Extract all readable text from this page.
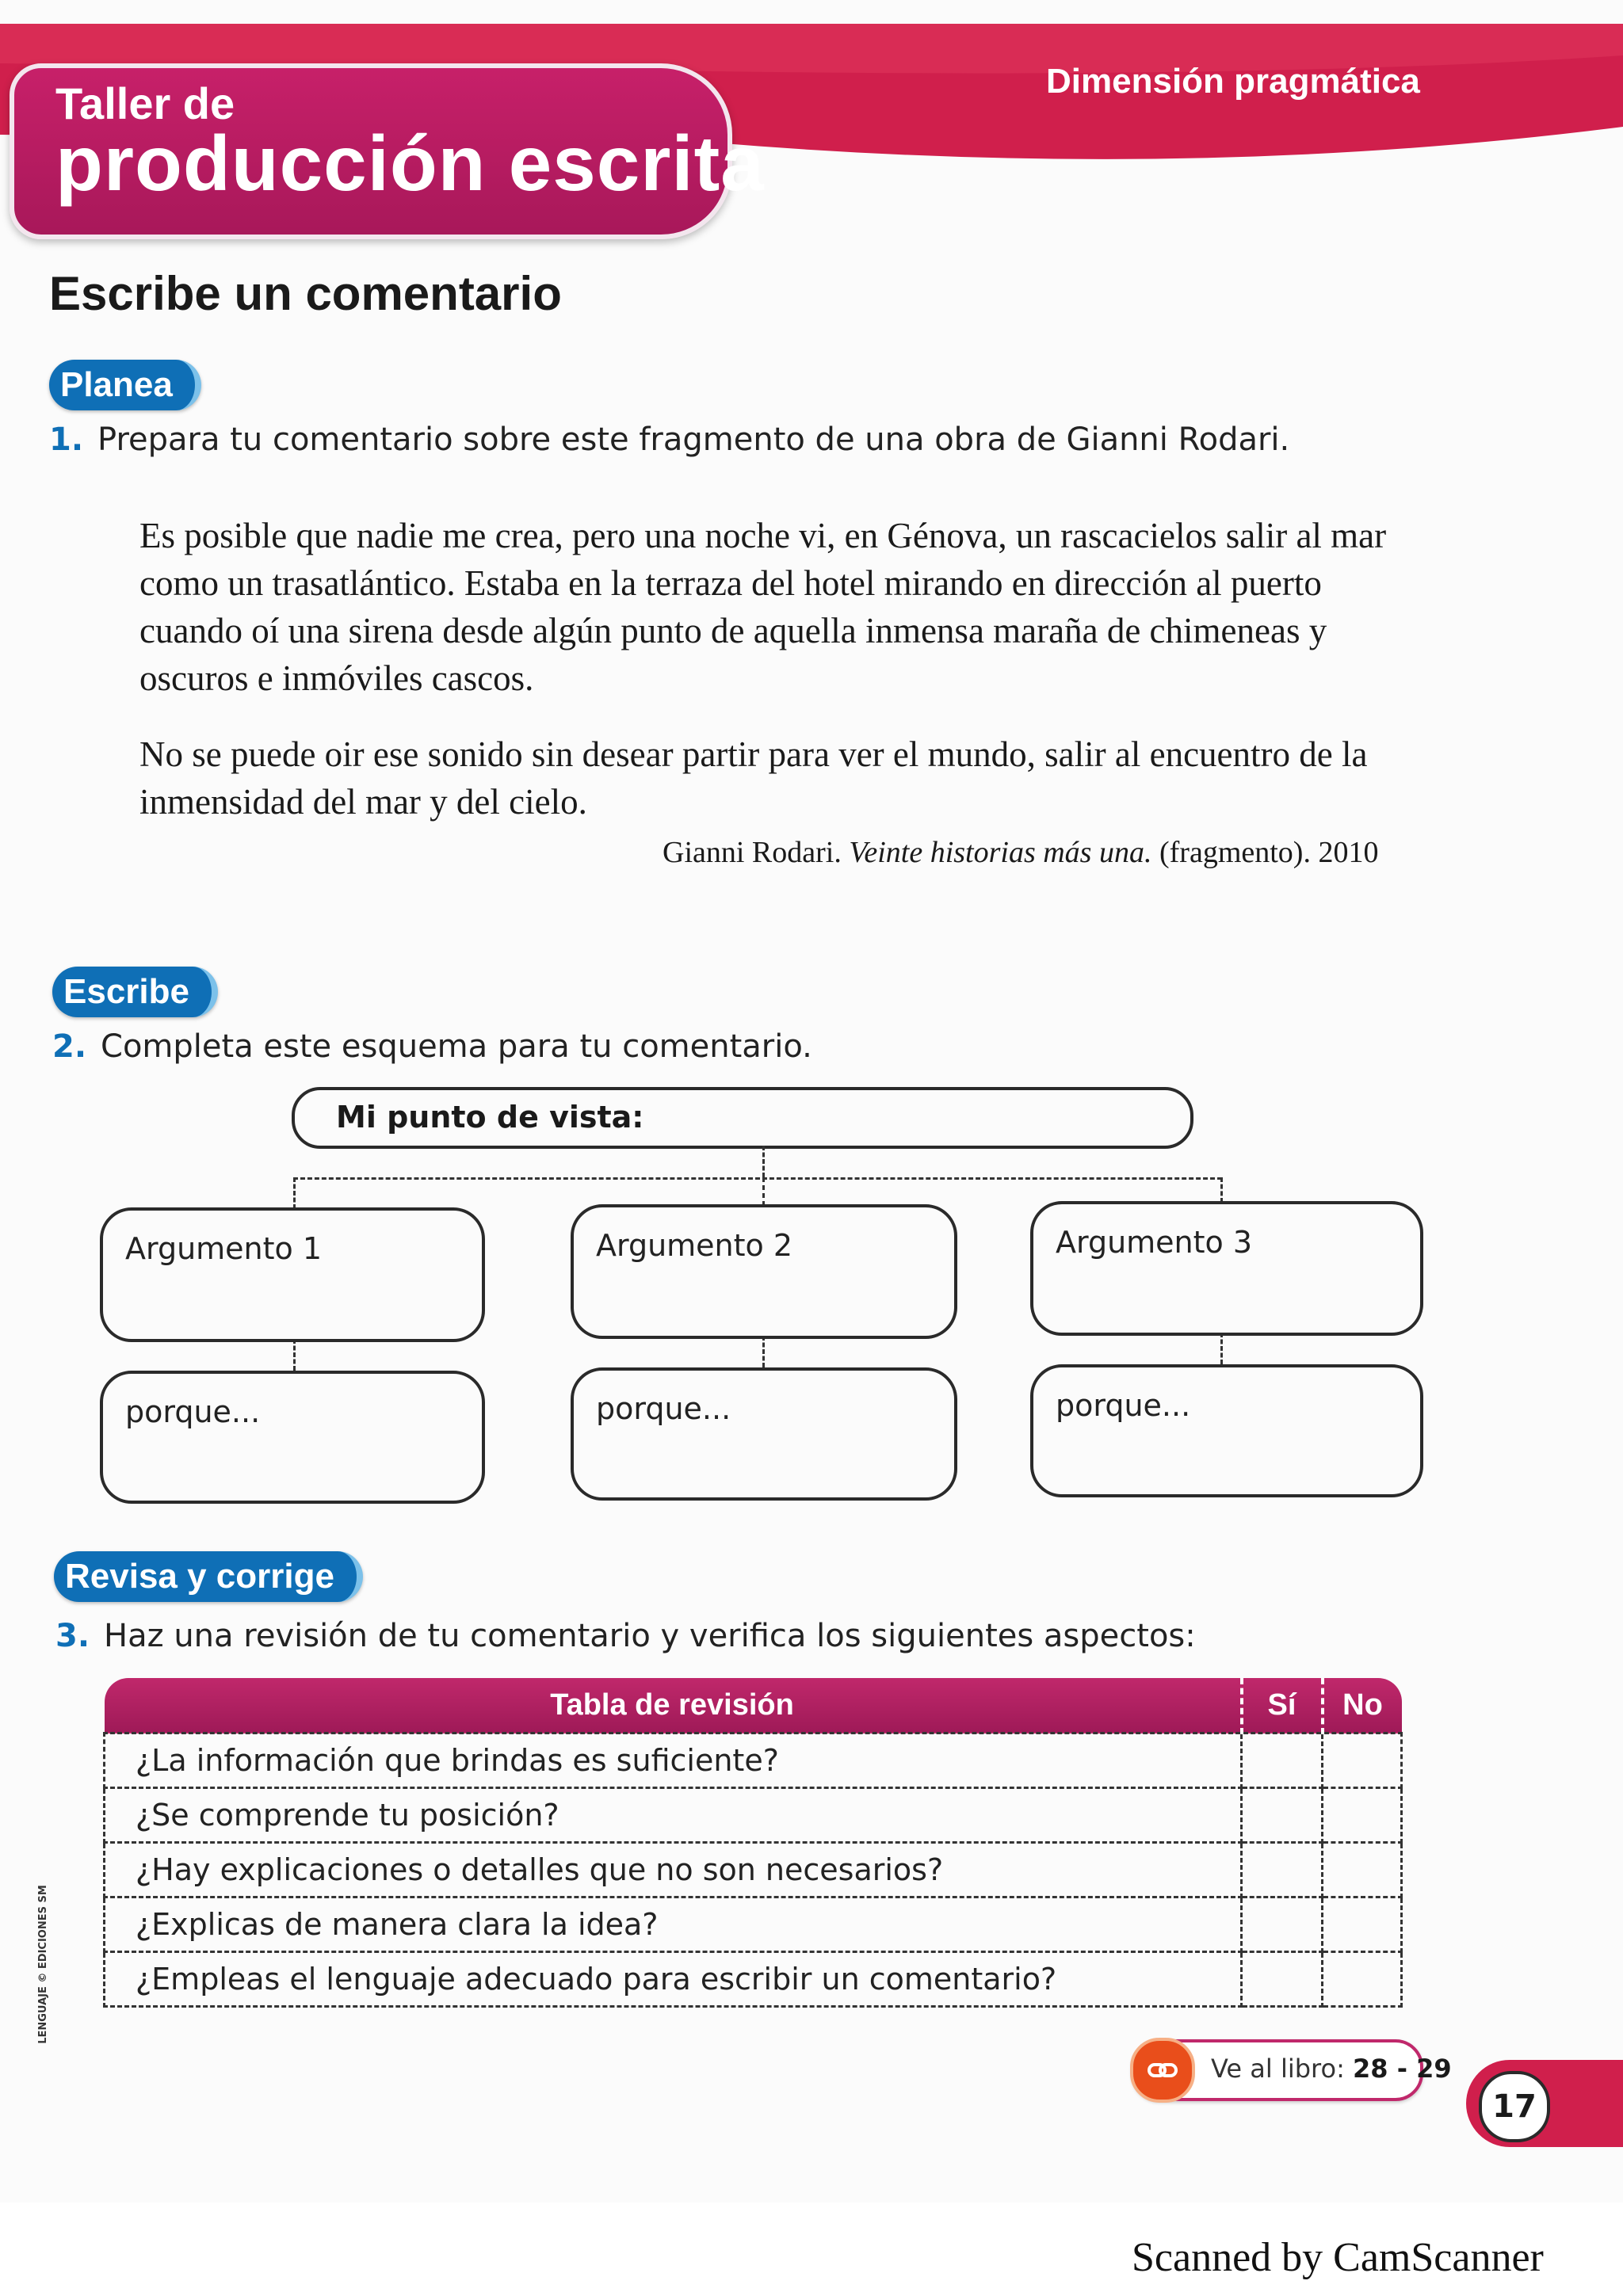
Dimensión pragmática
Taller de
producción escrita
Escribe un comentario
Planea
1. Prepara tu comentario sobre este fragmento de una obra de Gianni Rodari.

Es posible que nadie me crea, pero una noche vi, en Génova, un rascacielos salir al mar como un trasatlántico. Estaba en la terraza del hotel mirando en dirección al puerto cuando oí una sirena desde algún punto de aquella inmensa maraña de chimeneas y oscuros e inmóviles cascos.

No se puede oir ese sonido sin desear partir para ver el mundo, salir al encuentro de la inmensidad del mar y del cielo.

Gianni Rodari. Veinte historias más una. (fragmento). 2010
Escribe
2. Completa este esquema para tu comentario.
Mi punto de vista:
Argumento 1	Argumento 2	Argumento 3
porque...	porque...	porque...
Revisa y corrige
3. Haz una revisión de tu comentario y verifica los siguientes aspectos:
Tabla de revisión	Sí	No
¿La información que brindas es suficiente?		
¿Se comprende tu posición?		
¿Hay explicaciones o detalles que no son necesarios?		
¿Explicas de manera clara la idea?		
¿Empleas el lenguaje adecuado para escribir un comentario?		
Ve al libro: 28 - 29
17
LENGUAJE © EDICIONES SM
Scanned by CamScanner
